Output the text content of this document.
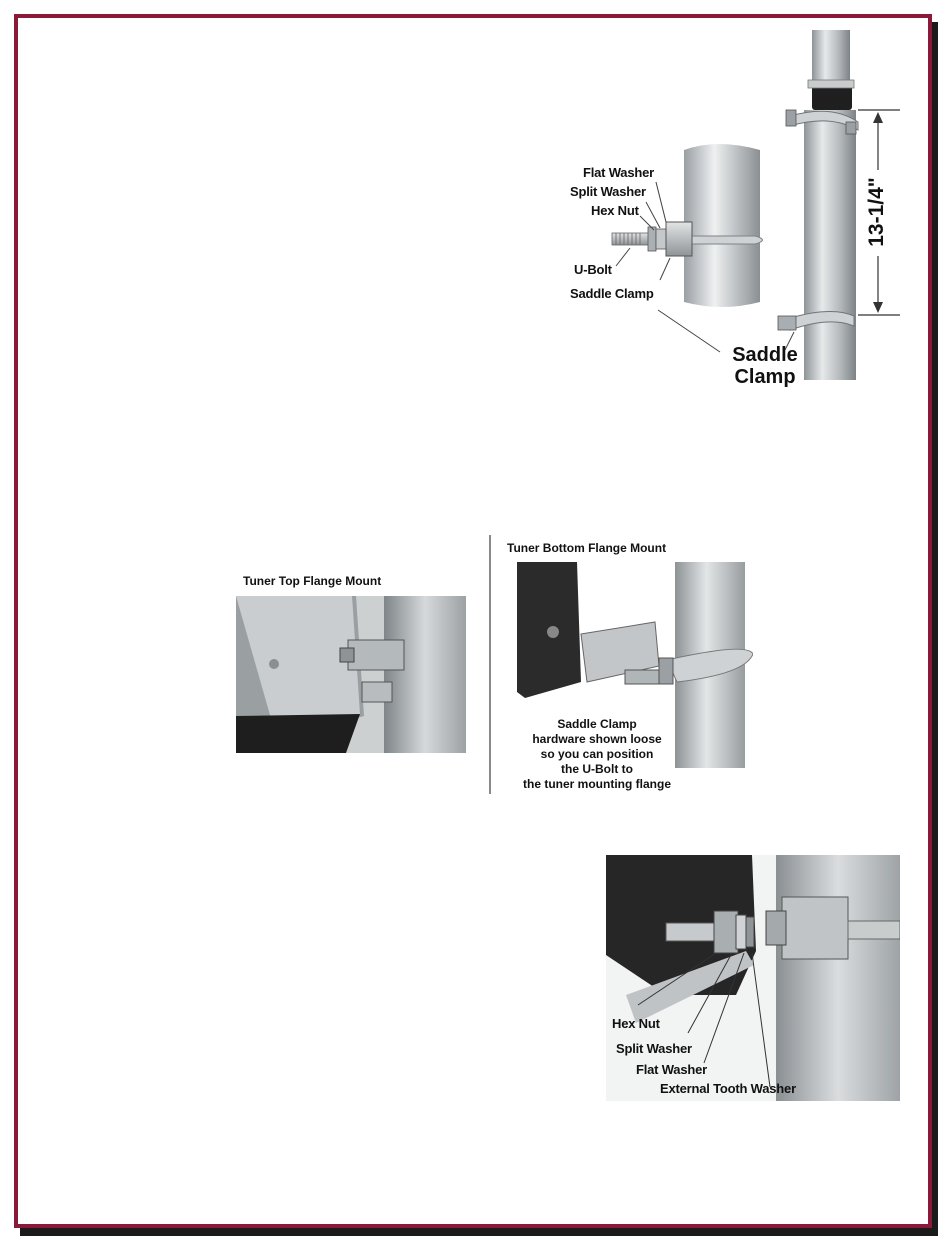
Flat Washer
Split Washer
Hex Nut
U-Bolt
Saddle Clamp
Saddle
Clamp
13-1/4"
Tuner Top Flange Mount
Tuner Bottom Flange Mount
Saddle Clamp
hardware shown loose
so you can position
the U-Bolt to
the tuner mounting flange
Hex Nut
Split Washer
Flat Washer
External Tooth Washer
